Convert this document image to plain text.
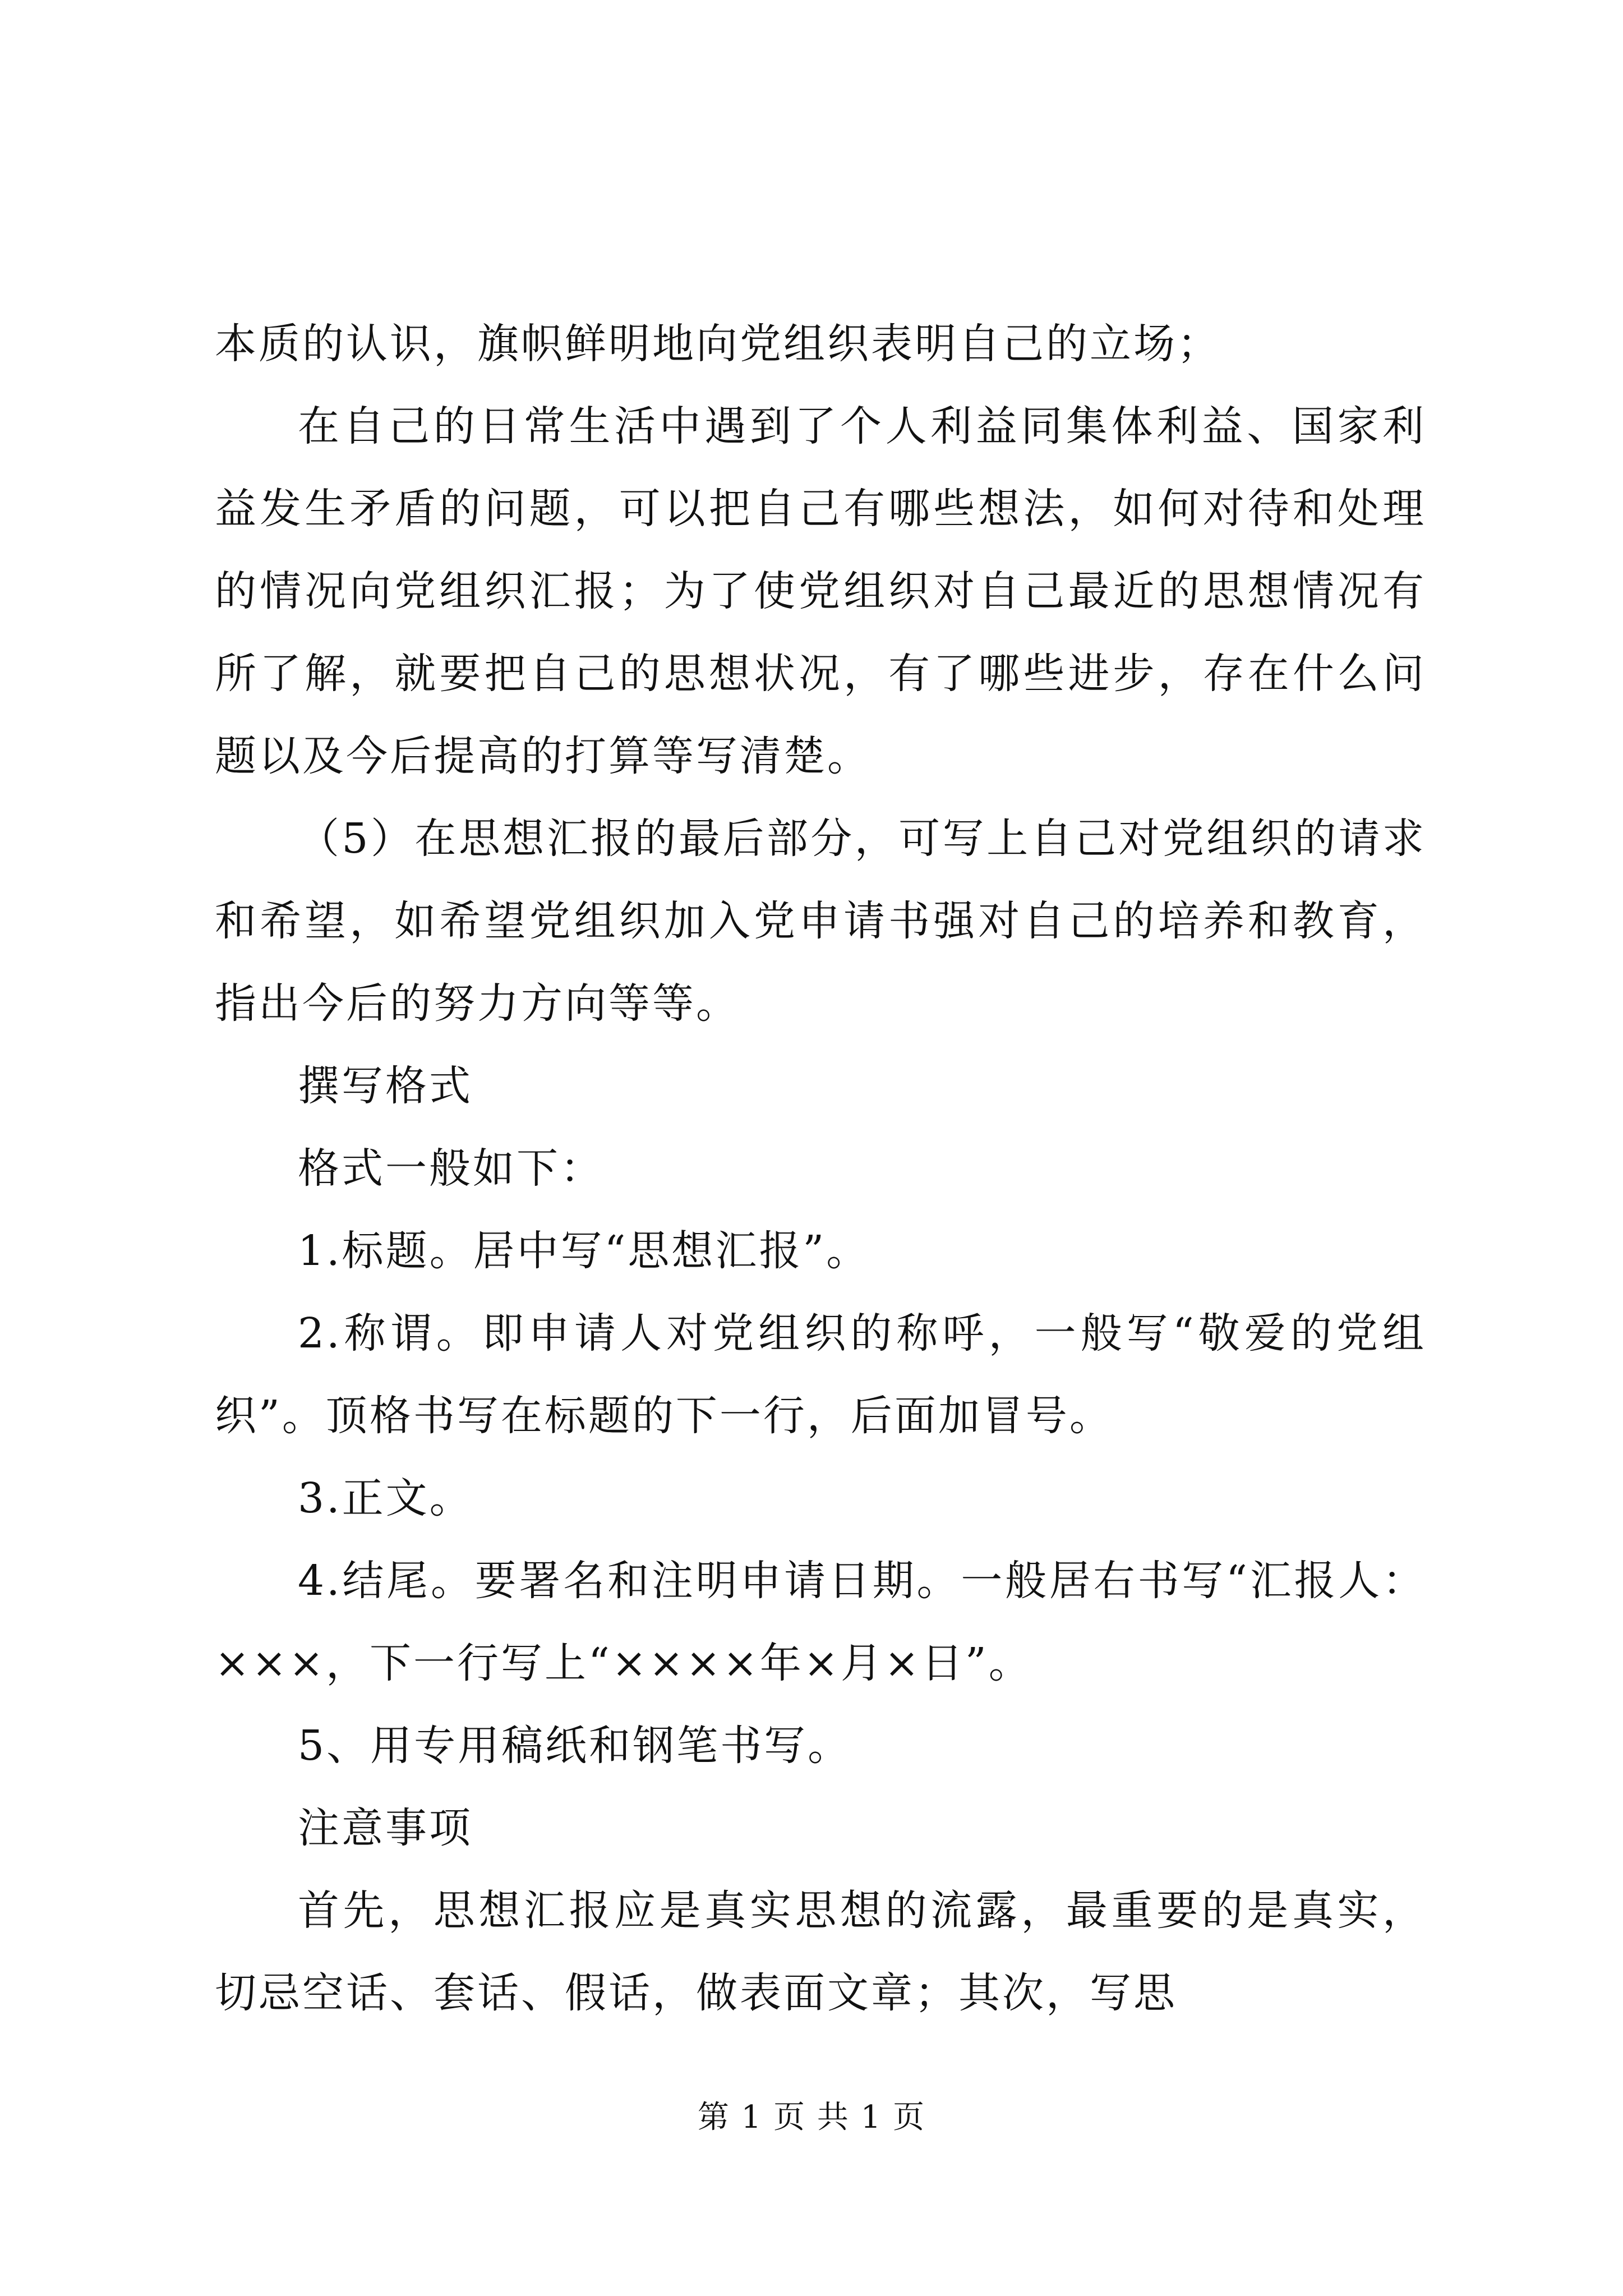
本质的认识，旗帜鲜明地向党组织表明自己的立场；

在自己的日常生活中遇到了个人利益同集体利益、国家利益发生矛盾的问题，可以把自己有哪些想法，如何对待和处理的情况向党组织汇报；为了使党组织对自己最近的思想情况有所了解，就要把自己的思想状况，有了哪些进步，存在什么问题以及今后提高的打算等写清楚。

（5）在思想汇报的最后部分，可写上自己对党组织的请求和希望，如希望党组织加入党申请书强对自己的培养和教育，指出今后的努力方向等等。

撰写格式

格式一般如下：

1.标题。居中写“思想汇报”。

2.称谓。即申请人对党组织的称呼，一般写“敬爱的党组织”。顶格书写在标题的下一行，后面加冒号。

3.正文。

4.结尾。要署名和注明申请日期。一般居右书写“汇报人：×××，下一行写上“××××年×月×日”。

5、用专用稿纸和钢笔书写。

注意事项

首先，思想汇报应是真实思想的流露，最重要的是真实，切忌空话、套话、假话，做表面文章；其次，写思

第 1 页 共 1 页
